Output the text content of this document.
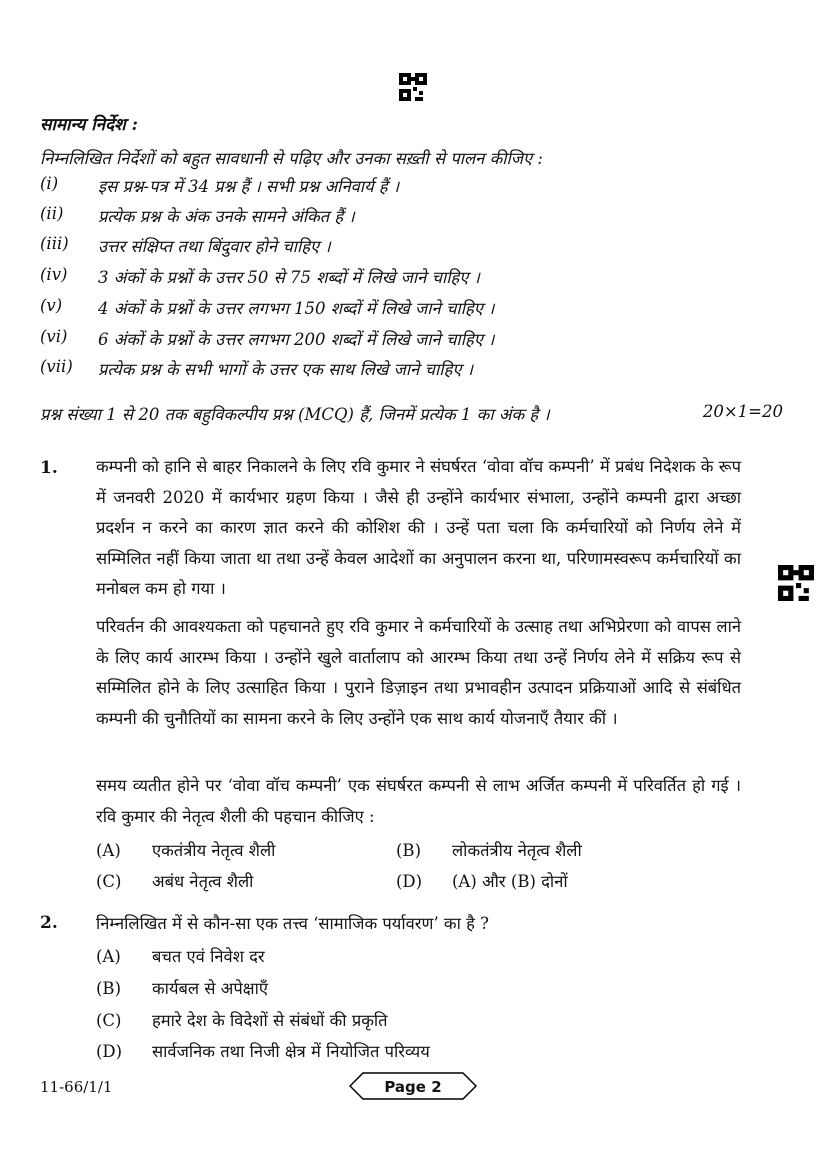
सामान्य निर्देश :
निम्नलिखित निर्देशों को बहुत सावधानी से पढ़िए और उनका सख़्ती से पालन कीजिए :
(i)	इस प्रश्न-पत्र में 34 प्रश्न हैं । सभी प्रश्न अनिवार्य हैं ।
(ii)	प्रत्येक प्रश्न के अंक उनके सामने अंकित हैं ।
(iii)	उत्तर संक्षिप्त तथा बिंदुवार होने चाहिए ।
(iv)	3 अंकों के प्रश्नों के उत्तर 50 से 75 शब्दों में लिखे जाने चाहिए ।
(v)	4 अंकों के प्रश्नों के उत्तर लगभग 150 शब्दों में लिखे जाने चाहिए ।
(vi)	6 अंकों के प्रश्नों के उत्तर लगभग 200 शब्दों में लिखे जाने चाहिए ।
(vii)	प्रत्येक प्रश्न के सभी भागों के उत्तर एक साथ लिखे जाने चाहिए ।
प्रश्न संख्या 1 से 20 तक बहुविकल्पीय प्रश्न (MCQ) हैं, जिनमें प्रत्येक 1 का अंक है ।	20×1=20
1. कम्पनी को हानि से बाहर निकालने के लिए रवि कुमार ने संघर्षरत ‘वोवा वॉच कम्पनी’ में प्रबंध निदेशक के रूप में जनवरी 2020 में कार्यभार ग्रहण किया । जैसे ही उन्होंने कार्यभार संभाला, उन्होंने कम्पनी द्वारा अच्छा प्रदर्शन न करने का कारण ज्ञात करने की कोशिश की । उन्हें पता चला कि कर्मचारियों को निर्णय लेने में सम्मिलित नहीं किया जाता था तथा उन्हें केवल आदेशों का अनुपालन करना था, परिणामस्वरूप कर्मचारियों का मनोबल कम हो गया ।
परिवर्तन की आवश्यकता को पहचानते हुए रवि कुमार ने कर्मचारियों के उत्साह तथा अभिप्रेरणा को वापस लाने के लिए कार्य आरम्भ किया । उन्होंने खुले वार्तालाप को आरम्भ किया तथा उन्हें निर्णय लेने में सक्रिय रूप से सम्मिलित होने के लिए उत्साहित किया । पुराने डिज़ाइन तथा प्रभावहीन उत्पादन प्रक्रियाओं आदि से संबंधित कम्पनी की चुनौतियों का सामना करने के लिए उन्होंने एक साथ कार्य योजनाएँ तैयार कीं ।
समय व्यतीत होने पर ‘वोवा वॉच कम्पनी’ एक संघर्षरत कम्पनी से लाभ अर्जित कम्पनी में परिवर्तित हो गई । रवि कुमार की नेतृत्व शैली की पहचान कीजिए :
(A) एकतंत्रीय नेतृत्व शैली	(B) लोकतंत्रीय नेतृत्व शैली
(C) अबंध नेतृत्व शैली	(D) (A) और (B) दोनों
2. निम्नलिखित में से कौन-सा एक तत्त्व ‘सामाजिक पर्यावरण’ का है ?
(A) बचत एवं निवेश दर
(B) कार्यबल से अपेक्षाएँ
(C) हमारे देश के विदेशों से संबंधों की प्रकृति
(D) सार्वजनिक तथा निजी क्षेत्र में नियोजित परिव्यय
11-66/1/1	Page 2
